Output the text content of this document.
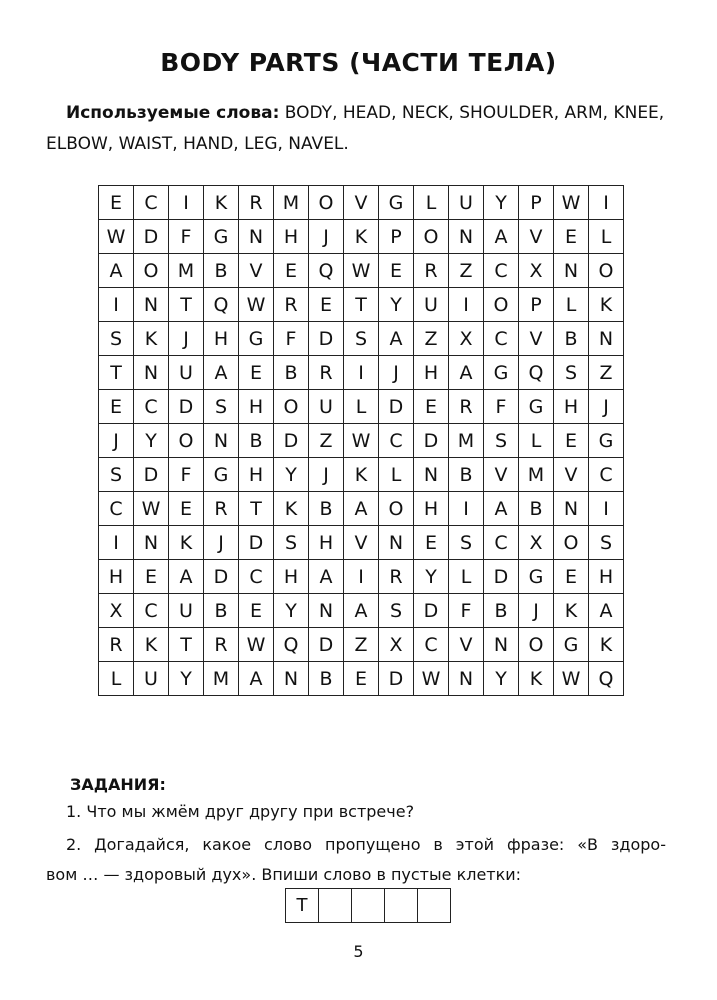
BODY PARTS (ЧАСТИ ТЕЛА)
Используемые слова: BODY, HEAD, NECK, SHOULDER, ARM, KNEE,
ELBOW, WAIST, HAND, LEG, NAVEL.
E	C	I	K	R	M	O	V	G	L	U	Y	P	W	I
W	D	F	G	N	H	J	K	P	O	N	A	V	E	L
A	O	M	B	V	E	Q	W	E	R	Z	C	X	N	O
I	N	T	Q	W	R	E	T	Y	U	I	O	P	L	K
S	K	J	H	G	F	D	S	A	Z	X	C	V	B	N
T	N	U	A	E	B	R	I	J	H	A	G	Q	S	Z
E	C	D	S	H	O	U	L	D	E	R	F	G	H	J
J	Y	O	N	B	D	Z	W	C	D	M	S	L	E	G
S	D	F	G	H	Y	J	K	L	N	B	V	M	V	C
C	W	E	R	T	K	B	A	O	H	I	A	B	N	I
I	N	K	J	D	S	H	V	N	E	S	C	X	O	S
H	E	A	D	C	H	A	I	R	Y	L	D	G	E	H
X	C	U	B	E	Y	N	A	S	D	F	B	J	K	A
R	K	T	R	W	Q	D	Z	X	C	V	N	O	G	K
L	U	Y	M	A	N	B	E	D	W	N	Y	K	W	Q
ЗАДАНИЯ:
1. Что мы жмём друг другу при встрече?
2. Догадайся, какое слово пропущено в этой фразе: «В здоро-
вом … — здоровый дух». Впиши слово в пустые клетки:
Т				
5
